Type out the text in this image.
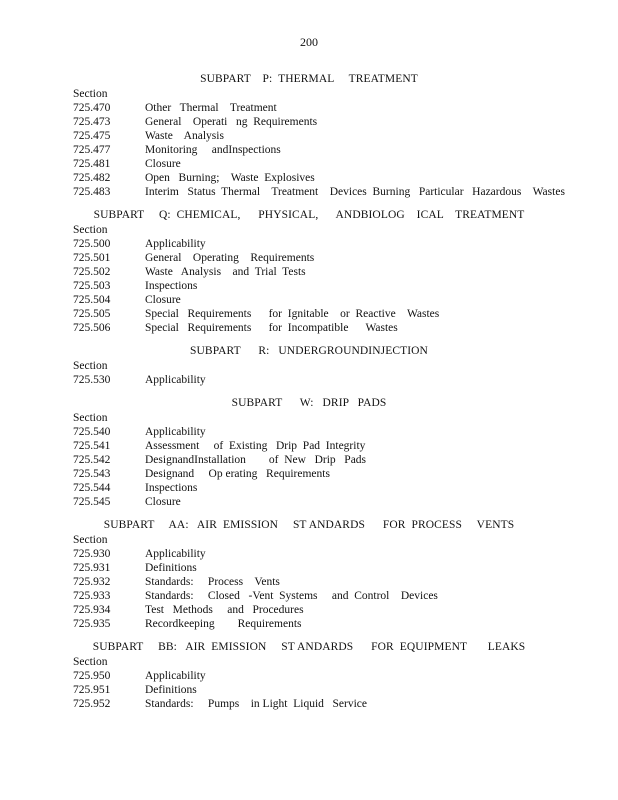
200
SUBPART    P:  THERMAL     TREATMENT
Section
725.470	Other   Thermal    Treatment
725.473	General    Operati   ng  Requirements
725.475	Waste    Analysis
725.477	Monitoring     andInspections
725.481	Closure
725.482	Open   Burning;    Waste  Explosives
725.483	Interim   Status  Thermal    Treatment    Devices  Burning   Particular   Hazardous    Wastes
SUBPART     Q:  CHEMICAL,      PHYSICAL,      ANDBIOLOG    ICAL    TREATMENT
Section
725.500	Applicability
725.501	General    Operating    Requirements
725.502	Waste   Analysis    and  Trial  Tests
725.503	Inspections
725.504	Closure
725.505	Special   Requirements      for  Ignitable    or  Reactive    Wastes
725.506	Special   Requirements      for  Incompatible      Wastes
SUBPART      R:   UNDERGROUNDINJECTION
Section
725.530	Applicability
SUBPART      W:   DRIP   PADS
Section
725.540	Applicability
725.541	Assessment     of  Existing   Drip  Pad  Integrity
725.542	DesignandInstallation        of  New   Drip   Pads
725.543	Designand     Op erating   Requirements
725.544	Inspections
725.545	Closure
SUBPART     AA:   AIR  EMISSION     ST ANDARDS      FOR  PROCESS     VENTS
Section
725.930	Applicability
725.931	Definitions
725.932	Standards:     Process    Vents
725.933	Standards:     Closed   -Vent  Systems     and  Control    Devices
725.934	Test   Methods     and   Procedures
725.935	Recordkeeping        Requirements
SUBPART     BB:   AIR  EMISSION     ST ANDARDS      FOR  EQUIPMENT       LEAKS
Section
725.950	Applicability
725.951	Definitions
725.952	Standards:     Pumps    in Light  Liquid   Service
